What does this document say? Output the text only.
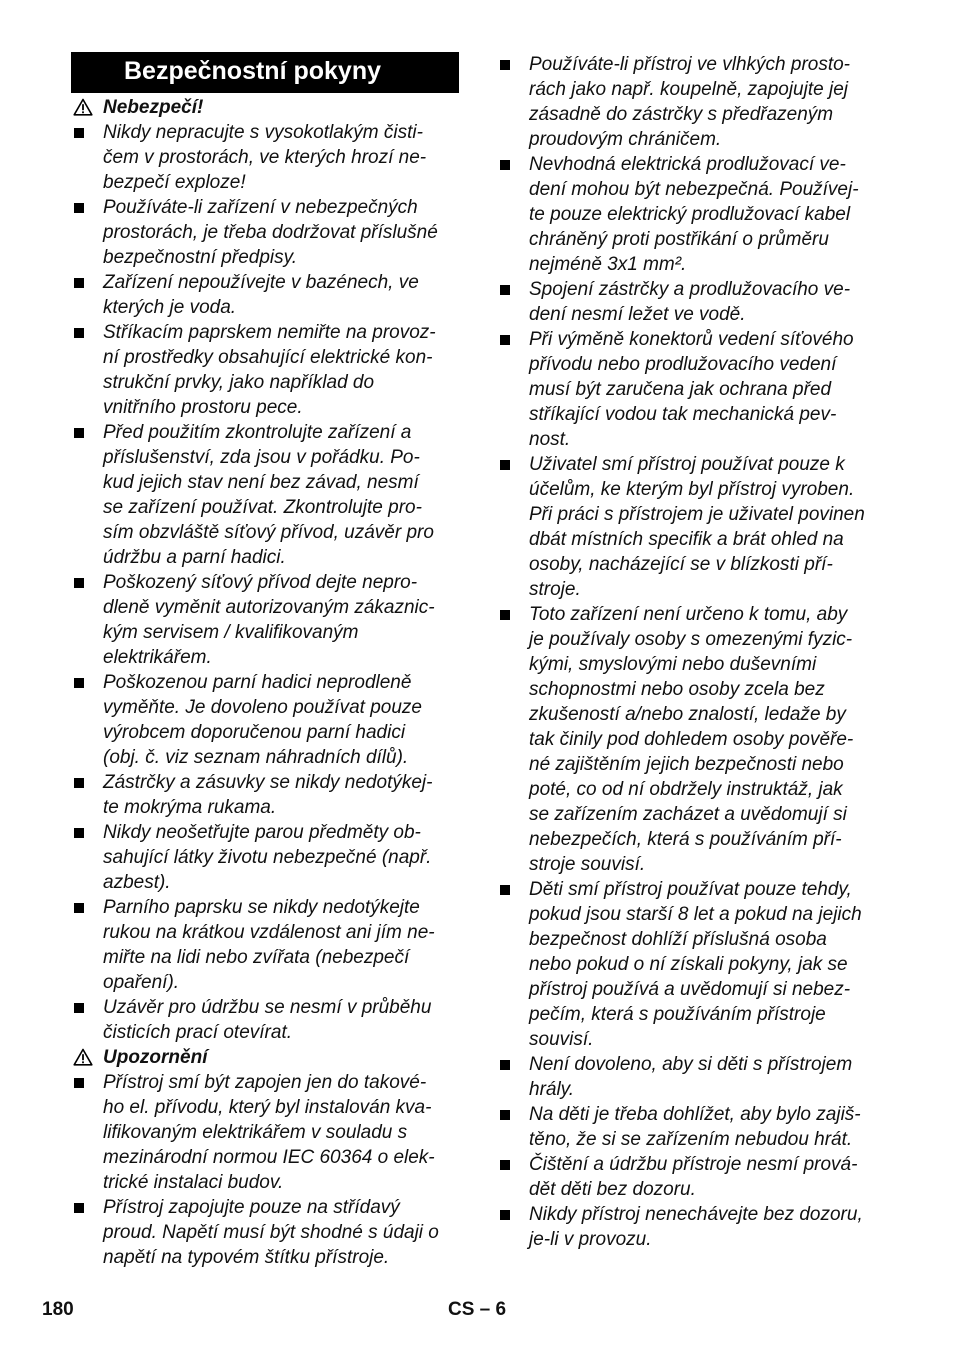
Bezpečnostní pokyny
Nebezpečí!
Nikdy nepracujte s vysokotlakým čisti-
čem v prostorách, ve kterých hrozí ne-
bezpečí exploze!
Používáte-li zařízení v nebezpečných
prostorách, je třeba dodržovat příslušné
bezpečnostní předpisy.
Zařízení nepoužívejte v bazénech, ve
kterých je voda.
Stříkacím paprskem nemiřte na provoz-
ní prostředky obsahující elektrické kon-
strukční prvky, jako například do
vnitřního prostoru pece.
Před použitím zkontrolujte zařízení a
příslušenství, zda jsou v pořádku. Po-
kud jejich stav není bez závad, nesmí
se zařízení používat. Zkontrolujte pro-
sím obzvláště síťový přívod, uzávěr pro
údržbu a parní hadici.
Poškozený síťový přívod dejte nepro-
dleně vyměnit autorizovaným zákaznic-
kým servisem / kvalifikovaným
elektrikářem.
Poškozenou parní hadici neprodleně
vyměňte. Je dovoleno používat pouze
výrobcem doporučenou parní hadici
(obj. č. viz seznam náhradních dílů).
Zástrčky a zásuvky se nikdy nedotýkej-
te mokrýma rukama.
Nikdy neošetřujte parou předměty ob-
sahující látky životu nebezpečné (např.
azbest).
Parního paprsku se nikdy nedotýkejte
rukou na krátkou vzdálenost ani jím ne-
miřte na lidi nebo zvířata (nebezpečí
opaření).
Uzávěr pro údržbu se nesmí v průběhu
čisticích prací otevírat.
Upozornění
Přístroj smí být zapojen jen do takové-
ho el. přívodu, který byl instalován kva-
lifikovaným elektrikářem v souladu s
mezinárodní normou IEC 60364 o elek-
trické instalaci budov.
Přístroj zapojujte pouze na střídavý
proud. Napětí musí být shodné s údaji o
napětí na typovém štítku přístroje.
Používáte-li přístroj ve vlhkých prosto-
rách jako např. koupelně, zapojujte jej
zásadně do zástrčky s předřazeným
proudovým chráničem.
Nevhodná elektrická prodlužovací ve-
dení mohou být nebezpečná. Používej-
te pouze elektrický prodlužovací kabel
chráněný proti postřikání o průměru
nejméně 3x1 mm².
Spojení zástrčky a prodlužovacího ve-
dení nesmí ležet ve vodě.
Při výměně konektorů vedení síťového
přívodu nebo prodlužovacího vedení
musí být zaručena jak ochrana před
stříkající vodou tak mechanická pev-
nost.
Uživatel smí přístroj používat pouze k
účelům, ke kterým byl přístroj vyroben.
Při práci s přístrojem je uživatel povinen
dbát místních specifik a brát ohled na
osoby, nacházející se v blízkosti pří-
stroje.
Toto zařízení není určeno k tomu, aby
je používaly osoby s omezenými fyzic-
kými, smyslovými nebo duševními
schopnostmi nebo osoby zcela bez
zkušeností a/nebo znalostí, ledaže by
tak činily pod dohledem osoby pověře-
né zajištěním jejich bezpečnosti nebo
poté, co od ní obdržely instruktáž, jak
se zařízením zacházet a uvědomují si
nebezpečích, která s používáním pří-
stroje souvisí.
Děti smí přístroj používat pouze tehdy,
pokud jsou starší 8 let a pokud na jejich
bezpečnost dohlíží příslušná osoba
nebo pokud o ní získali pokyny, jak se
přístroj používá a uvědomují si nebez-
pečím, která s používáním přístroje
souvisí.
Není dovoleno, aby si děti s přístrojem
hrály.
Na děti je třeba dohlížet, aby bylo zajiš-
těno, že si se zařízením nebudou hrát.
Čištění a údržbu přístroje nesmí prová-
dět děti bez dozoru.
Nikdy přístroj nenechávejte bez dozoru,
je-li v provozu.
180	CS – 6
